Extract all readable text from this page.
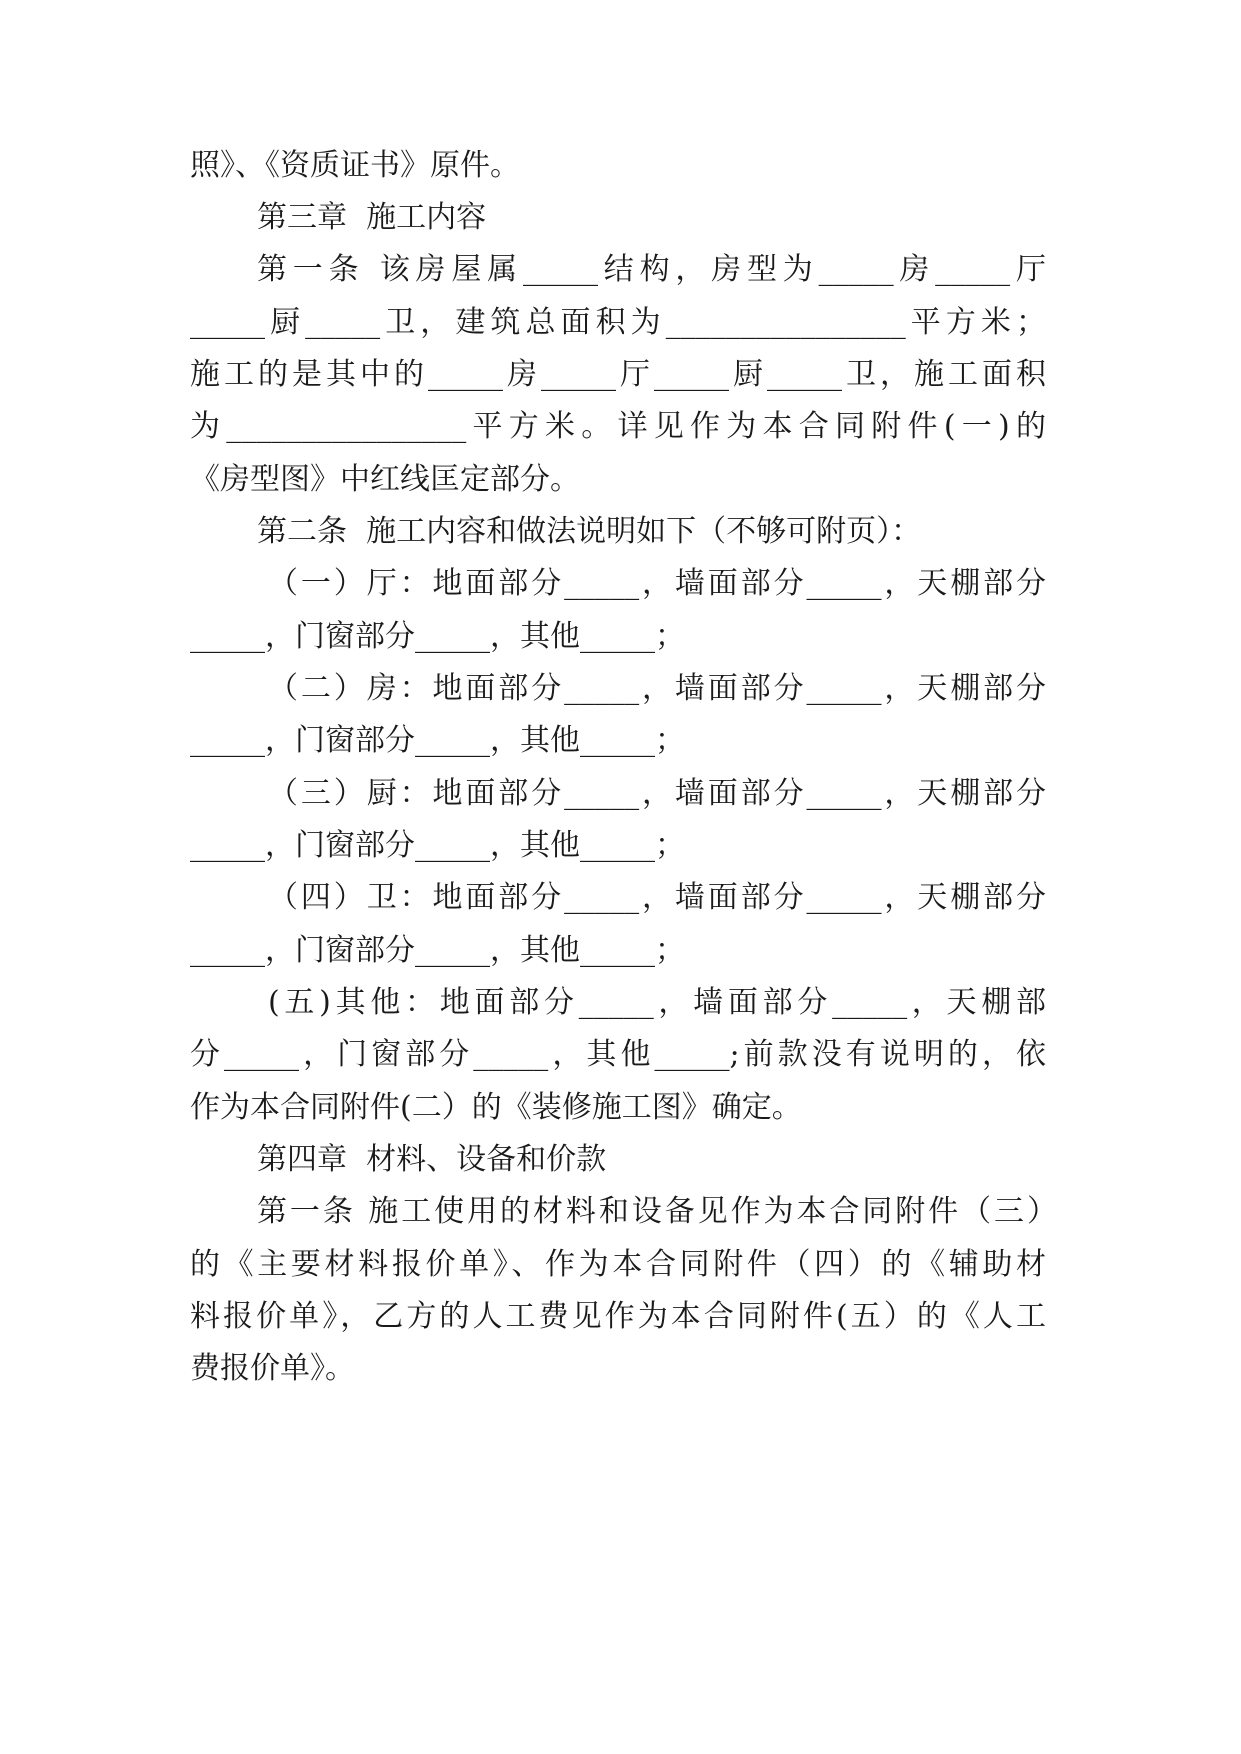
照》、《资质证书》原件。
第三章  施工内容
第一条 该房屋属_____结构，房型为_____房_____厅
_____厨_____卫，建筑总面积为________________平方米；
施工的是其中的_____房_____厅_____厨_____卫，施工面积
为________________平方米。详见作为本合同附件(一)的
《房型图》中红线匡定部分。
第二条  施工内容和做法说明如下（不够可附页）：
（一）厅：地面部分_____，墙面部分_____，天棚部分
_____，门窗部分_____，其他_____；
（二）房：地面部分_____，墙面部分_____，天棚部分
_____，门窗部分_____，其他_____；
（三）厨：地面部分_____，墙面部分_____，天棚部分
_____，门窗部分_____，其他_____；
（四）卫：地面部分_____，墙面部分_____，天棚部分
_____，门窗部分_____，其他_____；
(五)其他：地面部分_____，墙面部分_____，天棚部
分_____，门窗部分_____，其他_____;前款没有说明的，依
作为本合同附件(二）的《装修施工图》确定。
第四章  材料、设备和价款
第一条 施工使用的材料和设备见作为本合同附件（三）
的《主要材料报价单》、作为本合同附件（四）的《辅助材
料报价单》，乙方的人工费见作为本合同附件(五）的《人工
费报价单》。
